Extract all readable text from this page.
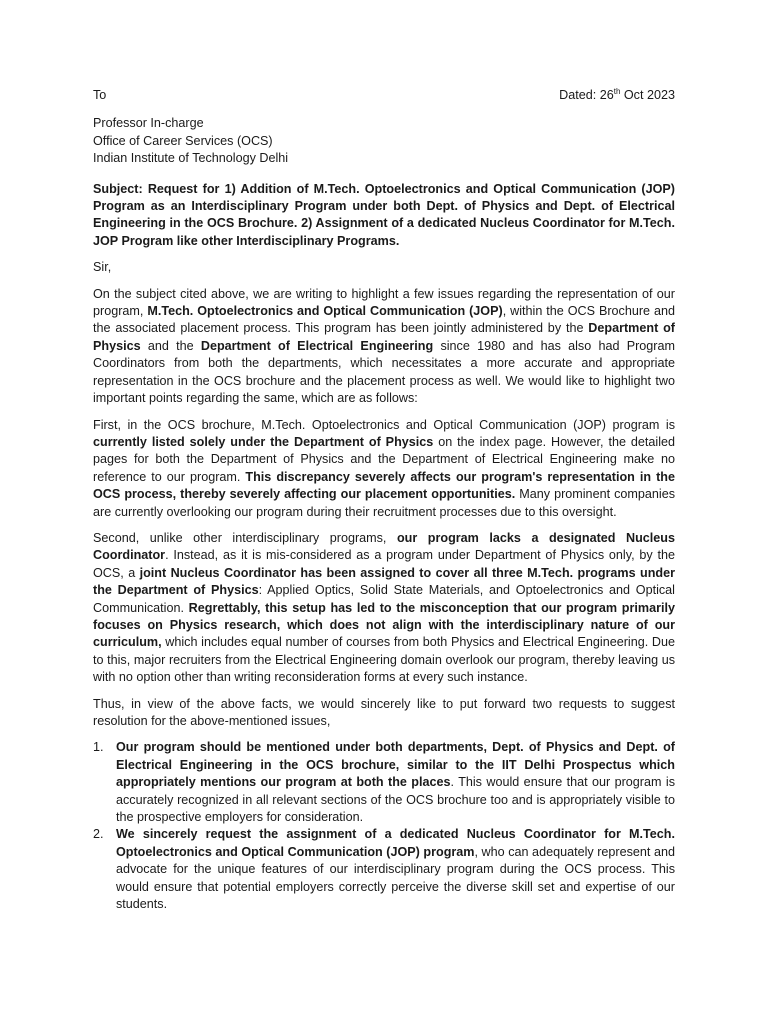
To	Dated: 26th Oct 2023

Professor In-charge

Office of Career Services (OCS)

Indian Institute of Technology Delhi

Subject: Request for 1) Addition of M.Tech. Optoelectronics and Optical Communication (JOP) Program as an Interdisciplinary Program under both Dept. of Physics and Dept. of Electrical Engineering in the OCS Brochure. 2) Assignment of a dedicated Nucleus Coordinator for M.Tech. JOP Program like other Interdisciplinary Programs.

Sir,

On the subject cited above, we are writing to highlight a few issues regarding the representation of our program, M.Tech. Optoelectronics and Optical Communication (JOP), within the OCS Brochure and the associated placement process. This program has been jointly administered by the Department of Physics and the Department of Electrical Engineering since 1980 and has also had Program Coordinators from both the departments, which necessitates a more accurate and appropriate representation in the OCS brochure and the placement process as well. We would like to highlight two important points regarding the same, which are as follows:

First, in the OCS brochure, M.Tech. Optoelectronics and Optical Communication (JOP) program is currently listed solely under the Department of Physics on the index page. However, the detailed pages for both the Department of Physics and the Department of Electrical Engineering make no reference to our program. This discrepancy severely affects our program's representation in the OCS process, thereby severely affecting our placement opportunities. Many prominent companies are currently overlooking our program during their recruitment processes due to this oversight.

Second, unlike other interdisciplinary programs, our program lacks a designated Nucleus Coordinator. Instead, as it is mis-considered as a program under Department of Physics only, by the OCS, a joint Nucleus Coordinator has been assigned to cover all three M.Tech. programs under the Department of Physics: Applied Optics, Solid State Materials, and Optoelectronics and Optical Communication. Regrettably, this setup has led to the misconception that our program primarily focuses on Physics research, which does not align with the interdisciplinary nature of our curriculum, which includes equal number of courses from both Physics and Electrical Engineering. Due to this, major recruiters from the Electrical Engineering domain overlook our program, thereby leaving us with no option other than writing reconsideration forms at every such instance.

Thus, in view of the above facts, we would sincerely like to put forward two requests to suggest resolution for the above-mentioned issues,

1. Our program should be mentioned under both departments, Dept. of Physics and Dept. of Electrical Engineering in the OCS brochure, similar to the IIT Delhi Prospectus which appropriately mentions our program at both the places. This would ensure that our program is accurately recognized in all relevant sections of the OCS brochure too and is appropriately visible to the prospective employers for consideration.
2. We sincerely request the assignment of a dedicated Nucleus Coordinator for M.Tech. Optoelectronics and Optical Communication (JOP) program, who can adequately represent and advocate for the unique features of our interdisciplinary program during the OCS process. This would ensure that potential employers correctly perceive the diverse skill set and expertise of our students.
